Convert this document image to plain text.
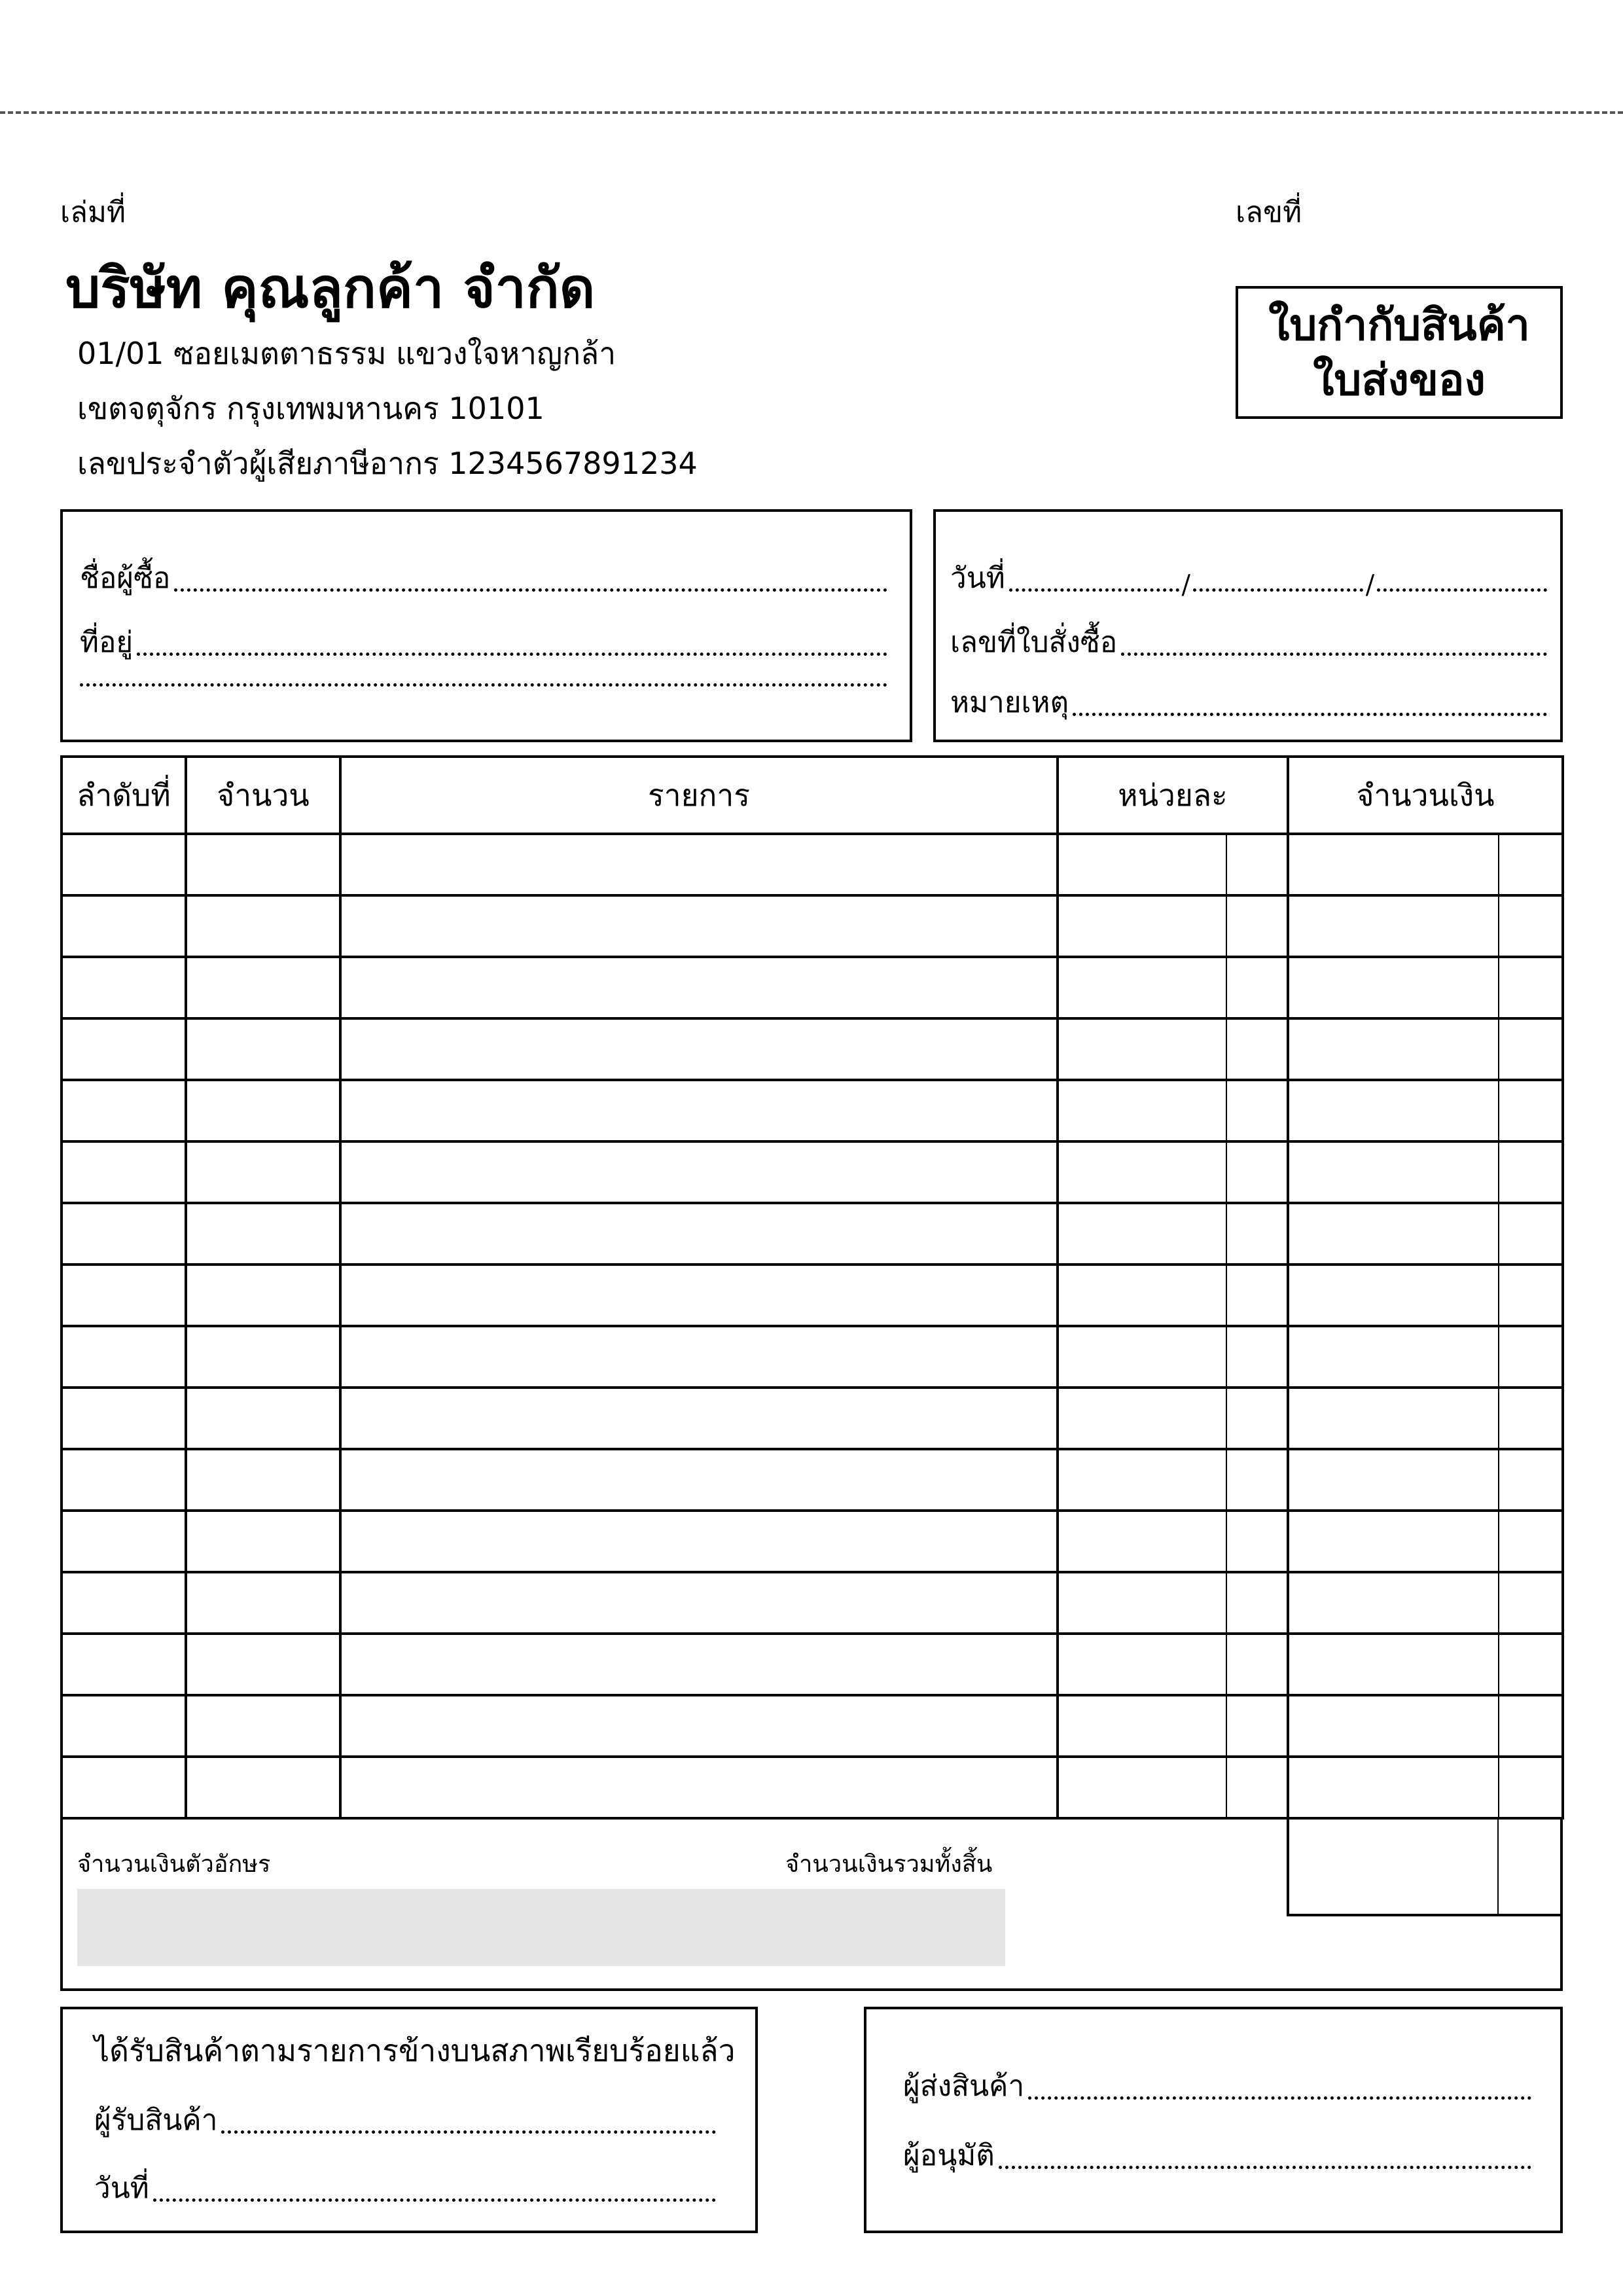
เล่มที่	เลขที่
บริษัท คุณลูกค้า จำกัด
01/01 ซอยเมตตาธรรม แขวงใจหาญกล้า
เขตจตุจักร กรุงเทพมหานคร 10101
เลขประจำตัวผู้เสียภาษีอากร 1234567891234
ใบกำกับสินค้า
ใบส่งของ
ชื่อผู้ซื้อ
ที่อยู่
วันที่	/	/
เลขที่ใบสั่งซื้อ
หมายเหตุ
ลำดับที่	จำนวน	รายการ	หน่วยละ		จำนวนเงิน	

จำนวนเงินตัวอักษร	จำนวนเงินรวมทั้งสิ้น
ได้รับสินค้าตามรายการข้างบนสภาพเรียบร้อยแล้ว
ผู้รับสินค้า
วันที่
ผู้ส่งสินค้า
ผู้อนุมัติ
